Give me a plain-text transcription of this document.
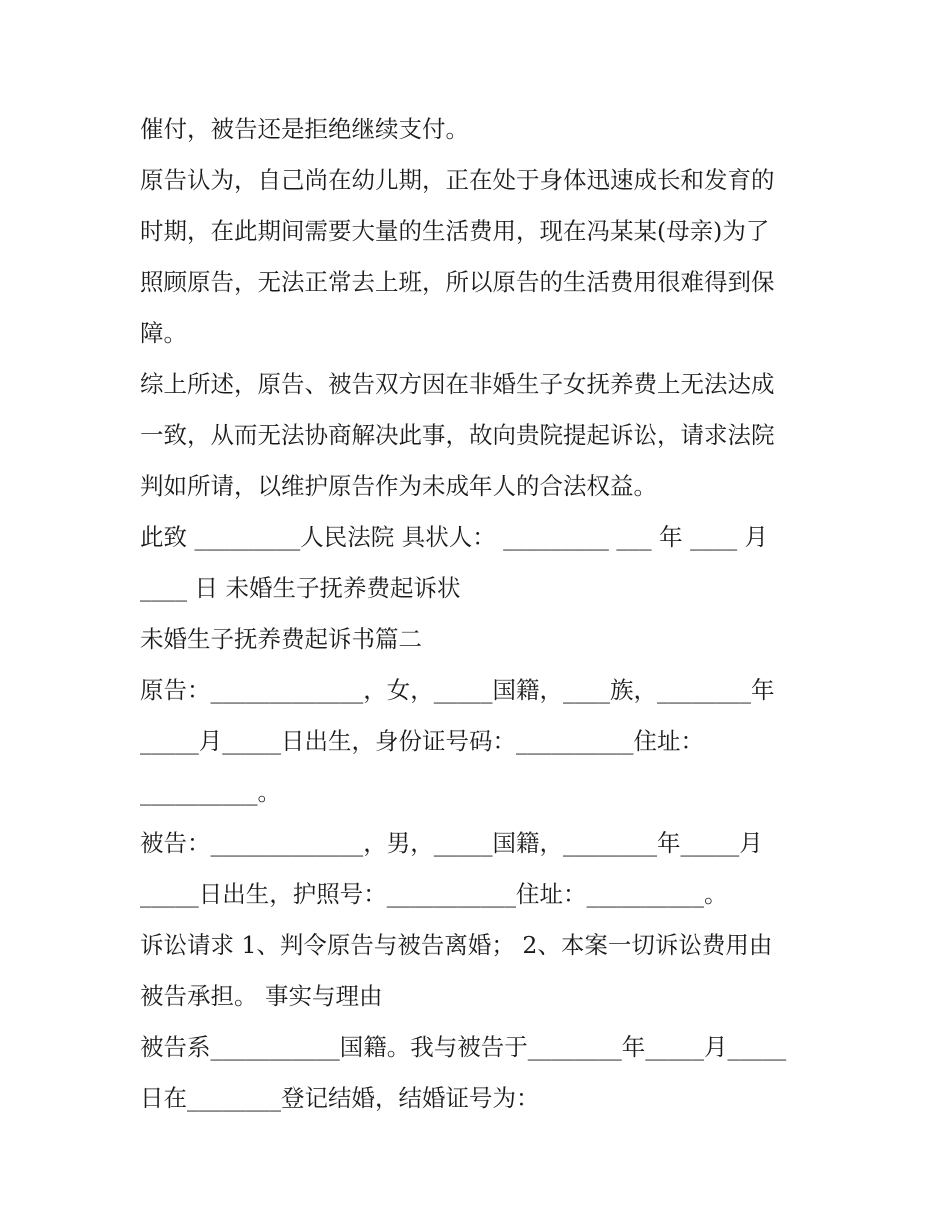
催付，被告还是拒绝继续支付。
原告认为，自己尚在幼儿期，正在处于身体迅速成长和发育的
时期，在此期间需要大量的生活费用，现在冯某某(母亲)为了
照顾原告，无法正常去上班，所以原告的生活费用很难得到保
障。
综上所述，原告、被告双方因在非婚生子女抚养费上无法达成
一致，从而无法协商解决此事，故向贵院提起诉讼，请求法院
判如所请，以维护原告作为未成年人的合法权益。
此致 _________人民法院 具状人： _________ ___ 年 ____ 月
____ 日 未婚生子抚养费起诉状
未婚生子抚养费起诉书篇二
原告：_____________，女，_____国籍，____族，________年
_____月_____日出生，身份证号码：__________住址：
__________。
被告：_____________，男，_____国籍，________年_____月
_____日出生，护照号：___________住址：__________。
诉讼请求 1、判令原告与被告离婚； 2、本案一切诉讼费用由
被告承担。 事实与理由
被告系___________国籍。我与被告于________年_____月_____
日在________登记结婚，结婚证号为：
